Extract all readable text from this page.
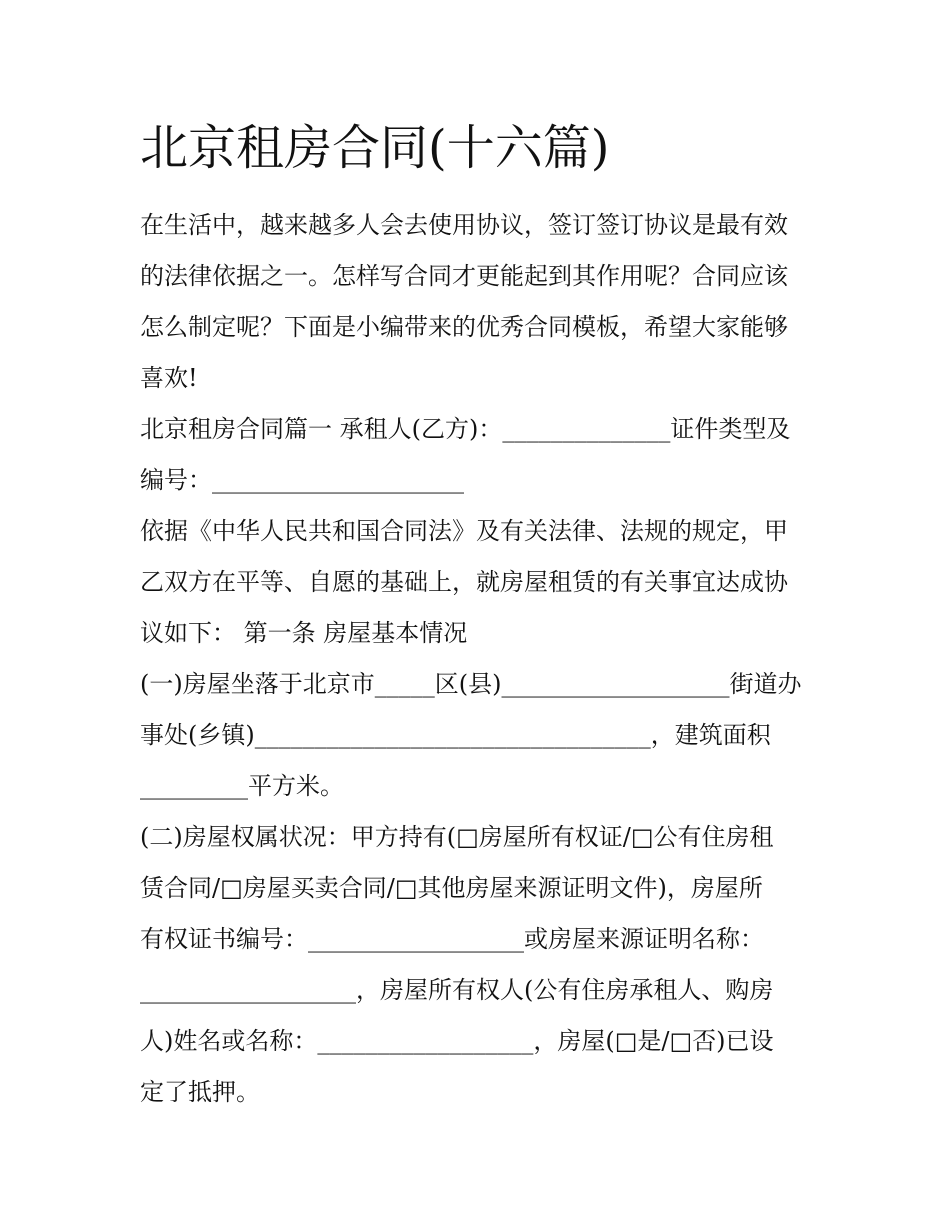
北京租房合同(十六篇)
在生活中，越来越多人会去使用协议，签订签订协议是最有效
的法律依据之一。怎样写合同才更能起到其作用呢？合同应该
怎么制定呢？下面是小编带来的优秀合同模板，希望大家能够
喜欢!
北京租房合同篇一 承租人(乙方)：______________证件类型及
编号：_____________________
依据《中华人民共和国合同法》及有关法律、法规的规定，甲
乙双方在平等、自愿的基础上，就房屋租赁的有关事宜达成协
议如下： 第一条 房屋基本情况
(一)房屋坐落于北京市_____区(县)___________________街道办
事处(乡镇)_________________________________，建筑面积
_________平方米。
(二)房屋权属状况：甲方持有(□房屋所有权证/□公有住房租
赁合同/□房屋买卖合同/□其他房屋来源证明文件)，房屋所
有权证书编号：__________________或房屋来源证明名称：
__________________，房屋所有权人(公有住房承租人、购房
人)姓名或名称：__________________，房屋(□是/□否)已设
定了抵押。
